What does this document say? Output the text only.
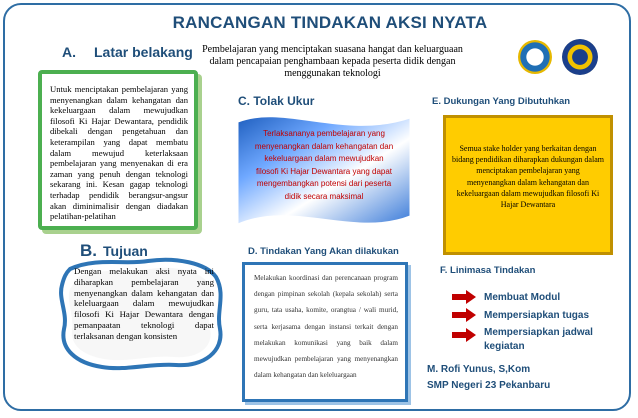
RANCANGAN TINDAKAN AKSI NYATA
Pembelajaran yang menciptakan suasana hangat dan keluarguaan dalam pencapaian penghambaan kepada peserta didik dengan menggunakan teknologi
A. Latar belakang

Untuk menciptakan pembelajaran yang menyenangkan dalam kehangatan dan kekeluargaan dalam mewujudkan filosofi Ki Hajar Dewantara, pendidik dibekali dengan pengetahuan dan keterampilan yang dapat membatu dalam mewujud keterlaksaan pembelajaran yang menyenakan di era zaman yang penuh dengan teknologi sekarang ini. Kesan gagap teknologi terhadap pendidik berangsur-angsur akan diminimalisir dengan diadakan pelatihan-pelatihan

C. Tolak Ukur
Terlaksananya pembelajaran yang menyenangkan dalam kehangatan dan kekeluargaan dalam mewujudkan filosofi Ki Hajar Dewantara yang dapat mengembangkan potensi dari peserta didik secara maksimal
E. Dukungan Yang Dibutuhkan
Semua stake holder yang berkaitan dengan bidang pendidikan diharapkan dukungan dalam menciptakan pembelajaran yang menyenangkan dalam kehangatan dan kekeluargaan dalam mewujudkan filosofi Ki Hajar Dewantara
B. Tujuan
Dengan melakukan aksi nyata ini diharapkan pembelajaran yang menyenangkan dalam kehangatan dan keleluargaan dalam mewujudkan filosofi Ki Hajar Dewantara dengan pemanpaatan teknologi dapat terlaksanan dengan konsisten
D. Tindakan Yang Akan dilakukan
Melakukan koordinasi dan perencanaan program dengan pimpinan sekolah (kepala sekolah) serta guru, tata usaha, komite, orangtua / wali murid, serta kerjasama dengan instansi terkait dengan melakukan komunikasi yang baik dalam mewujudkan pembelajaran yang menyenangkan dalam kehangatan dan keleluargaan
F. Linimasa Tindakan
Membuat Modul
Mempersiapkan tugas
Mempersiapkan jadwal kegiatan
M. Rofi Yunus, S,Kom
SMP Negeri 23 Pekanbaru
